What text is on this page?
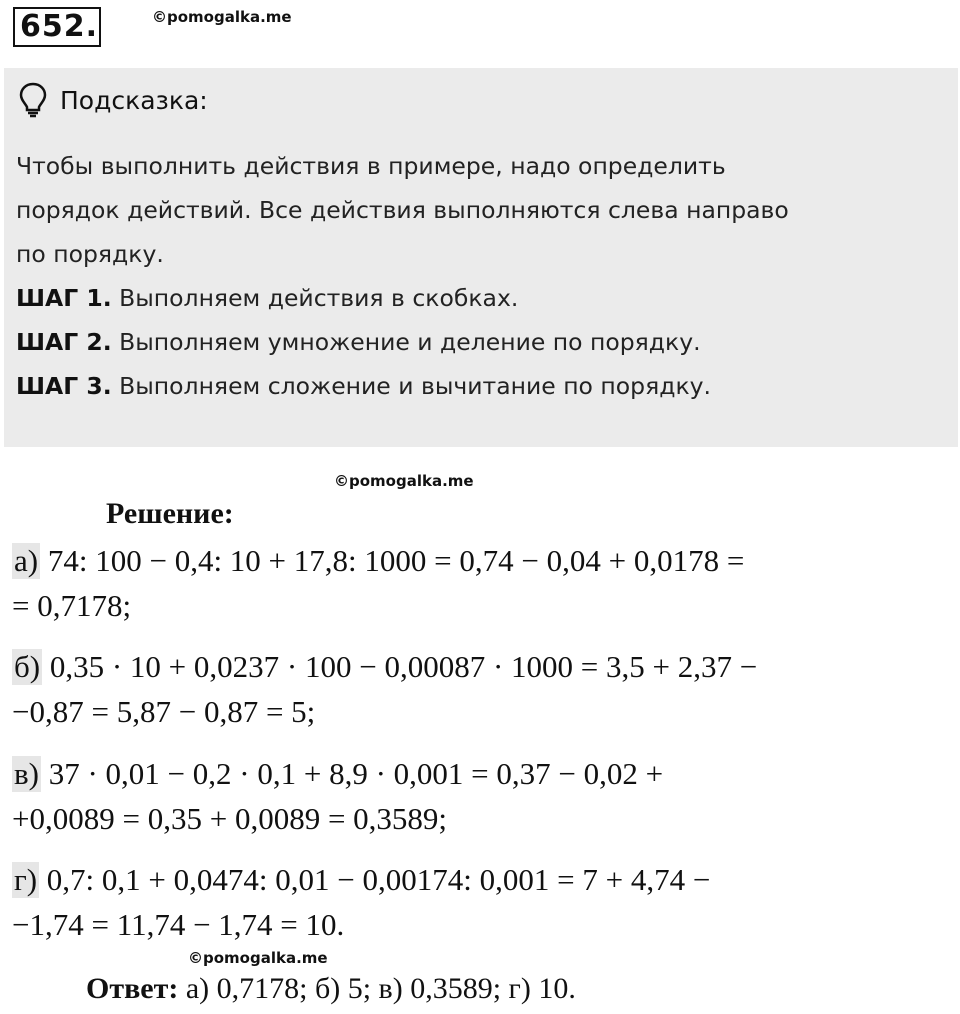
652.	©pomogalka.me
Подсказка:

Чтобы выполнить действия в примере, надо определить

порядок действий. Все действия выполняются слева направо

по порядку.

ШАГ 1. Выполняем действия в скобках.

ШАГ 2. Выполняем умножение и деление по порядку.

ШАГ 3. Выполняем сложение и вычитание по порядку.

©pomogalka.me
Решение:
а) 74: 100 − 0,4: 10 + 17,8: 1000 = 0,74 − 0,04 + 0,0178 =
= 0,7178;
б) 0,35 · 10 + 0,0237 · 100 − 0,00087 · 1000 = 3,5 + 2,37 −
−0,87 = 5,87 − 0,87 = 5;
в) 37 · 0,01 − 0,2 · 0,1 + 8,9 · 0,001 = 0,37 − 0,02 +
+0,0089 = 0,35 + 0,0089 = 0,3589;
г) 0,7: 0,1 + 0,0474: 0,01 − 0,00174: 0,001 = 7 + 4,74 −
−1,74 = 11,74 − 1,74 = 10.
©pomogalka.me
Ответ: а) 0,7178; б) 5; в) 0,3589; г) 10.
